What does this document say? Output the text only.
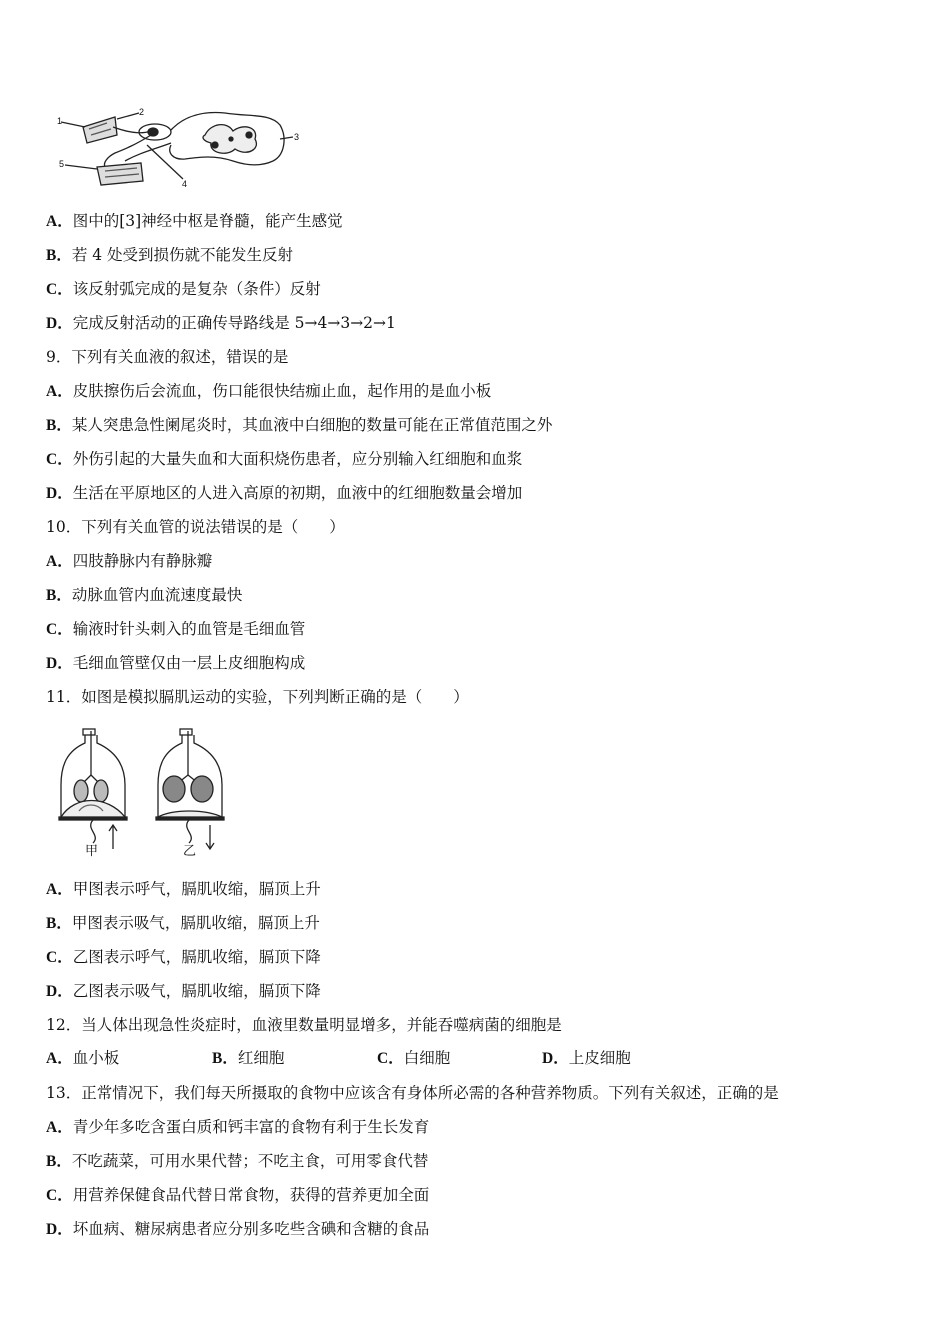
1
2
3
4
5
A．图中的[3]神经中枢是脊髓，能产生感觉
B．若 4 处受到损伤就不能发生反射
C．该反射弧完成的是复杂（条件）反射
D．完成反射活动的正确传导路线是 5→4→3→2→1
9．下列有关血液的叙述，错误的是
A．皮肤擦伤后会流血，伤口能很快结痂止血，起作用的是血小板
B．某人突患急性阑尾炎时，其血液中白细胞的数量可能在正常值范围之外
C．外伤引起的大量失血和大面积烧伤患者，应分别输入红细胞和血浆
D．生活在平原地区的人进入高原的初期，血液中的红细胞数量会增加
10．下列有关血管的说法错误的是（　　）
A．四肢静脉内有静脉瓣
B．动脉血管内血流速度最快
C．输液时针头刺入的血管是毛细血管
D．毛细血管壁仅由一层上皮细胞构成
11．如图是模拟膈肌运动的实验，下列判断正确的是（　　）
甲	乙
A．甲图表示呼气，膈肌收缩，膈顶上升
B．甲图表示吸气，膈肌收缩，膈顶上升
C．乙图表示呼气，膈肌收缩，膈顶下降
D．乙图表示吸气，膈肌收缩，膈顶下降
12．当人体出现急性炎症时，血液里数量明显增多，并能吞噬病菌的细胞是
A．血小板	B．红细胞	C．白细胞	D．上皮细胞
13．正常情况下，我们每天所摄取的食物中应该含有身体所必需的各种营养物质。下列有关叙述，正确的是
A．青少年多吃含蛋白质和钙丰富的食物有利于生长发育
B．不吃蔬菜，可用水果代替；不吃主食，可用零食代替
C．用营养保健食品代替日常食物，获得的营养更加全面
D．坏血病、糖尿病患者应分别多吃些含碘和含糖的食品
